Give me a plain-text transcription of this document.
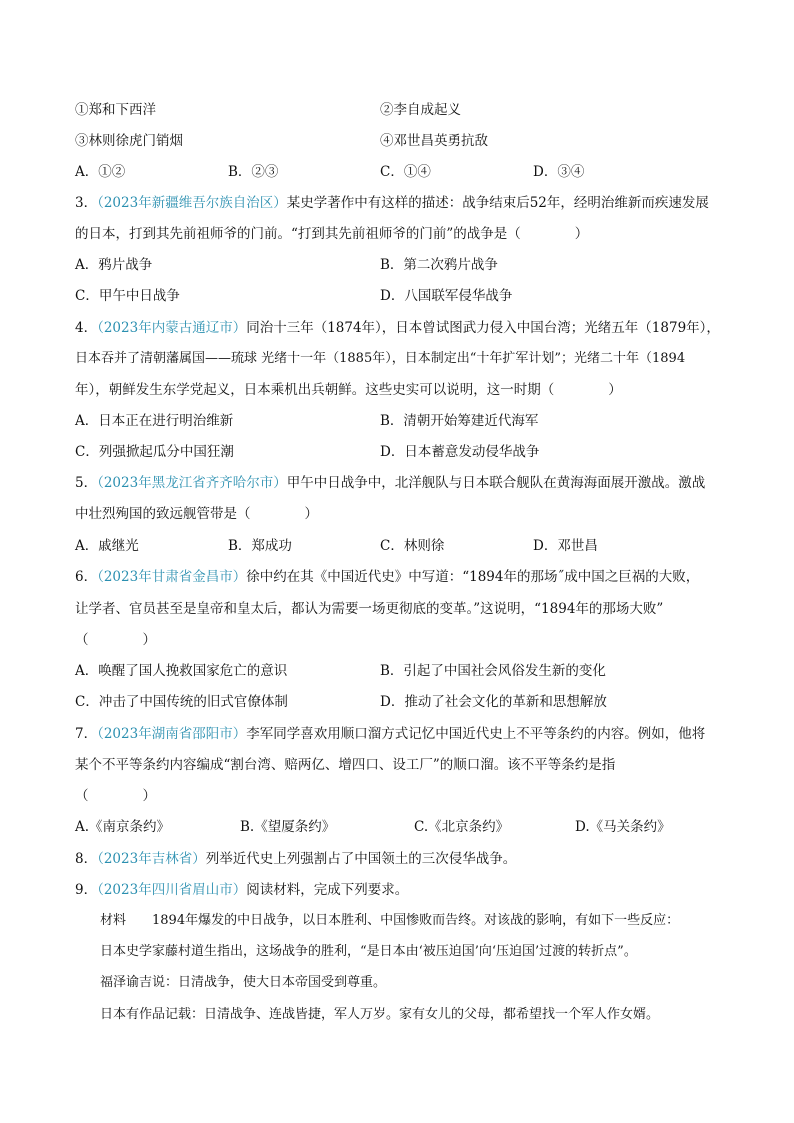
①郑和下西洋	②李自成起义
③林则徐虎门销烟	④邓世昌英勇抗敌
A．①②	B．②③	C．①④	D．③④
3．（2023年新疆维吾尔族自治区）某史学著作中有这样的描述：战争结束后52年，经明治维新而疾速发展
的日本，打到其先前祖师爷的门前。“打到其先前祖师爷的门前”的战争是（　　　　）
A．鸦片战争	B．第二次鸦片战争
C．甲午中日战争	D．八国联军侵华战争
4．（2023年内蒙古通辽市）同治十三年（1874年），日本曾试图武力侵入中国台湾；光绪五年（1879年），
日本吞并了清朝藩属国——琉球 光绪十一年（1885年），日本制定出“十年扩军计划”；光绪二十年（1894
年），朝鲜发生东学党起义，日本乘机出兵朝鲜。这些史实可以说明，这一时期（　　　　）
A．日本正在进行明治维新	B．清朝开始筹建近代海军
C．列强掀起瓜分中国狂潮	D．日本蓄意发动侵华战争
5．（2023年黑龙江省齐齐哈尔市）甲午中日战争中，北洋舰队与日本联合舰队在黄海海面展开激战。激战
中壮烈殉国的致远舰管带是（　　　　）
A．戚继光	B．郑成功	C．林则徐	D．邓世昌
6．（2023年甘肃省金昌市）徐中约在其《中国近代史》中写道：“1894年的那场˝成中国之巨祸的大败，
让学者、官员甚至是皇帝和皇太后，都认为需要一场更彻底的变革。”这说明，“1894年的那场大败”
（　　　　）
A．唤醒了国人挽救国家危亡的意识	B．引起了中国社会风俗发生新的变化
C．冲击了中国传统的旧式官僚体制	D．推动了社会文化的革新和思想解放
7．（2023年湖南省邵阳市）李军同学喜欢用顺口溜方式记忆中国近代史上不平等条约的内容。例如，他将
某个不平等条约内容编成“割台湾、赔两亿、增四口、设工厂”的顺口溜。该不平等条约是指
（　　　　）
A.《南京条约》	B.《望厦条约》	C.《北京条约》	D.《马关条约》
8．（2023年吉林省）列举近代史上列强割占了中国领土的三次侵华战争。
9．（2023年四川省眉山市）阅读材料，完成下列要求。
材料　　1894年爆发的中日战争，以日本胜利、中国惨败而告终。对该战的影响，有如下一些反应：
日本史学家藤村道生指出，这场战争的胜利，“是日本由‘被压迫国’向‘压迫国’过渡的转折点”。
福泽谕吉说：日清战争，使大日本帝国受到尊重。
日本有作品记载：日清战争、连战皆捷，军人万岁。家有女儿的父母，都希望找一个军人作女婿。
